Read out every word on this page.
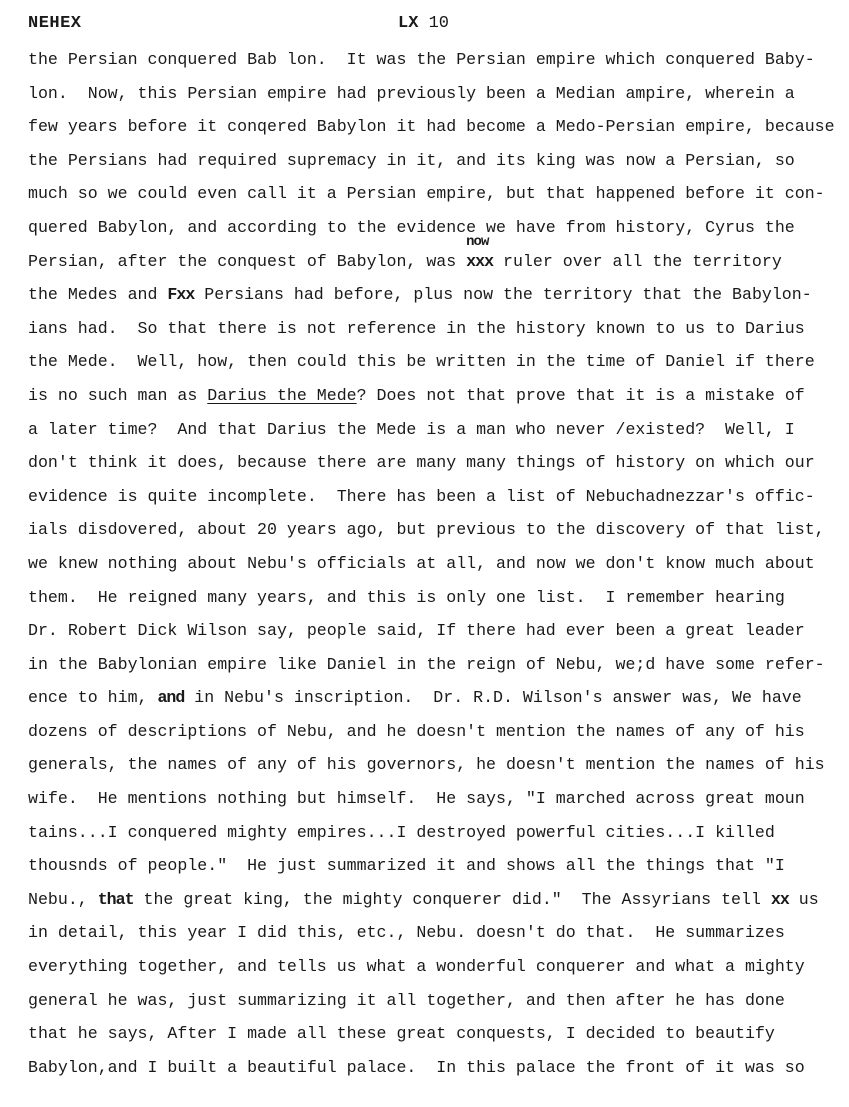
NEHEX	LX 10
the Persian conquered Bab lon.  It was the Persian empire which conquered Baby-
lon.  Now, this Persian empire had previously been a Median ampire, wherein a
few years before it conqered Babylon it had become a Medo-Persian empire, because
the Persians had required supremacy in it, and its king was now a Persian, so
much so we could even call it a Persian empire, but that happened before it con-
quered Babylon, and according to the evidence we have from history, Cyrus the
Persian, after the conquest of Babylon, was xxx
now
ruler over all the territory
the Medes and Fxx Persians had before, plus now the territory that the Babylon-
ians had.  So that there is not reference in the history known to us to Darius
the Mede.  Well, how, then could this be written in the time of Daniel if there
is no such man as Darius the Mede? Does not that prove that it is a mistake of
a later time?  And that Darius the Mede is a man who never /existed?  Well, I
don't think it does, because there are many many things of history on which our
evidence is quite incomplete.  There has been a list of Nebuchadnezzar's offic-
ials disdovered, about 20 years ago, but previous to the discovery of that list,
we knew nothing about Nebu's officials at all, and now we don't know much about
them.  He reigned many years, and this is only one list.  I remember hearing
Dr. Robert Dick Wilson say, people said, If there had ever been a great leader
in the Babylonian empire like Daniel in the reign of Nebu, we;d have some refer-
ence to him, and in Nebu's inscription.  Dr. R.D. Wilson's answer was, We have
dozens of descriptions of Nebu, and he doesn't mention the names of any of his
generals, the names of any of his governors, he doesn't mention the names of his
wife.  He mentions nothing but himself.  He says, "I marched across great moun
tains...I conquered mighty empires...I destroyed powerful cities...I killed
thousnds of people."  He just summarized it and shows all the things that "I
Nebu., that the great king, the mighty conquerer did."  The Assyrians tell xx us
in detail, this year I did this, etc., Nebu. doesn't do that.  He summarizes
everything together, and tells us what a wonderful conquerer and what a mighty
general he was, just summarizing it all together, and then after he has done
that he says, After I made all these great conquests, I decided to beautify
Babylon,and I built a beautiful palace.  In this palace the front of it was so
